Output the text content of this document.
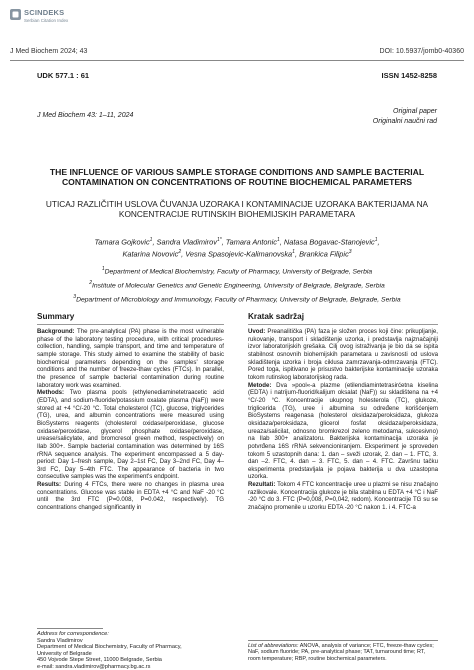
SCINDEKS
Serbian Citation Index
J Med Biochem 2024; 43	DOI: 10.5937/jomb0-40360
UDK 577.1 : 61	ISSN 1452-8258
J Med Biochem 43: 1–11, 2024
Original paper
Originalni naučni rad
THE INFLUENCE OF VARIOUS SAMPLE STORAGE CONDITIONS AND SAMPLE BACTERIAL CONTAMINATION ON CONCENTRATIONS OF ROUTINE BIOCHEMICAL PARAMETERS
UTICAJ RAZLIČITIH USLOVA ČUVANJA UZORAKA I KONTAMINACIJE UZORAKA BAKTERIJAMA NA KONCENTRACIJE RUTINSKIH BIOHEMIJSKIH PARAMETARA
Tamara Gojkovic$^1$, Sandra Vladimirov$^{1*}$, Tamara Antonic$^1$, Natasa Bogavac-Stanojevic$^1$,
Katarina Novovic$^2$, Vesna Spasojevic-Kalimanovska$^1$, Brankica Filipic$^3$
$^1$Department of Medical Biochemistry, Faculty of Pharmacy, University of Belgrade, Serbia
$^2$Institute of Molecular Genetics and Genetic Engineering, University of Belgrade, Belgrade, Serbia
$^3$Department of Microbiology and Immunology, Faculty of Pharmacy, University of Belgrade, Belgrade, Serbia
Summary	Kratak sadržaj

Background: The pre-analytical (PA) phase is the most vulnerable phase of the laboratory testing procedure, with critical procedures-collection, handling, sample transport, and time and temperature of sample storage. This study aimed to examine the stability of basic biochemical parameters depending on the samples' storage conditions and the number of freeze-thaw cycles (FTCs). In parallel, the presence of sample bacterial contamination during routine laboratory work was examined.

Methods: Two plasma pools (ethylenediaminetetraacetic acid (EDTA), and sodium-fluoride/potassium oxalate plasma (NaF)) were stored at +4 °C/-20 °C. Total cholesterol (TC), glucose, triglycerides (TG), urea, and albumin concentrations were measured using BioSystems reagents (cholesterol oxidase/peroxidase, glucose oxidase/peroxidase, glycerol phosphate oxidase/peroxidase, urease/salicylate, and bromcresol green method, respectively) on Ilab 300+. Sample bacterial contamination was determined by 16S rRNA sequence analysis. The experiment encompassed a 5 day-period: Day 1–fresh sample, Day 2–1st FC, Day 3–2nd FC, Day 4–3rd FC, Day 5–4th FTC. The appearance of bacteria in two consecutive samples was the experiment's endpoint.

Results: During 4 FTCs, there were no changes in plasma urea concentrations. Glucose was stable in EDTA +4 °C and NaF -20 °C until the 3rd FTC (P=0.008, P=0.042, respectively). TG concentrations changed significantly in

Uvod: Preanalitička (PA) faza je složen proces koji čine: prikupljanje, rukovanje, transport i skladištenje uzorka, i predstavlja najznačajniji izvor laboratorijskih grešaka. Cilj ovog istraživanja je bio da se ispita stabilnost osnovnih biohemijskih parametara u zavisnosti od uslova skladištenja uzorka i broja ciklusa zamrzavanja-odmrzavanja (FTC). Pored toga, ispitivano je prisustvo bakterijske kontaminacije uzoraka tokom rutinskog laboratorijskog rada.

Metode: Dva »pool«-a plazme (etilendiamintetrasirćetna kiselina (EDTA) i natrijum-fluorid/kalijum oksalat (NaF)) su skladištena na +4 °C/-20 °C. Koncentracije ukupnog holesterola (TC), glukoze, triglicerida (TG), uree i albumina su određene korišćenjem BioSystems reagenasa (holesterol oksidaza/peroksidaza, glukoza oksidaza/peroksidaza, glicerol fosfat oksidaza/peroksidaza, ureaza/salicilat, odnosno bromkrezol zeleno metodama, sukcesivno) na Ilab 300+ analizatoru. Bakterijska kontaminacija uzoraka je potvrđena 16S rRNA sekvencioniranjem. Eksperiment je sproveden tokom 5 uzastopnih dana: 1. dan – sveži uzorak, 2. dan – 1. FTC, 3. dan –2. FTC, 4. dan – 3. FTC, 5. dan – 4. FTC. Završnu tačku eksperimenta predstavljala je pojava bakterija u dva uzastopna uzorka.

Rezultati: Tokom 4 FTC koncentracije uree u plazmi se nisu značajno razlikovale. Koncentracija glukoze je bila stabilna u EDTA +4 °C i NaF -20 °C do 3. FTC (P=0,008, P=0,042, redom). Koncentracije TG su se značajno promenile u uzorku EDTA -20 °C nakon 1. i 4. FTC-a

Address for correspondence:
Sandra Vladimirov
Department of Medical Biochemistry, Faculty of Pharmacy,
University of Belgrade
450 Vojvode Stepe Street, 11000 Belgrade, Serbia
e-mail: sandra.vladimirov@pharmacy.bg.ac.rs
List of abbreviations: ANOVA, analysis of variance; FTC, freeze-thaw cycles; NaF, sodium fluoride; PA, pre-analytical phase; TAT, turnaround time; RT, room temperature; RBP, routine biochemical parameters.
